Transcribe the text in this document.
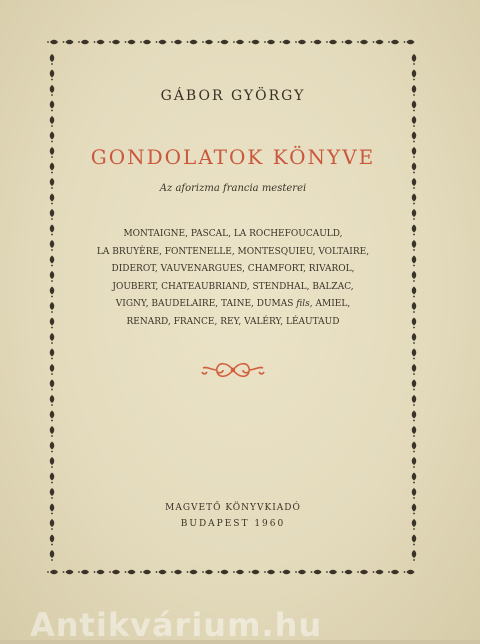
GÁBOR GYÖRGY
GONDOLATOK KÖNYVE
Az aforizma francia mesterei
MONTAIGNE, PASCAL, LA ROCHEFOUCAULD,
LA BRUYÈRE, FONTENELLE, MONTESQUIEU, VOLTAIRE,
DIDEROT, VAUVENARGUES, CHAMFORT, RIVAROL,
JOUBERT, CHATEAUBRIAND, STENDHAL, BALZAC,
VIGNY, BAUDELAIRE, TAINE, DUMAS fils, AMIEL,
RENARD, FRANCE, REY, VALÉRY, LÉAUTAUD
MAGVETŐ KÖNYVKIADÓ
BUDAPEST 1960
Antikvárium.hu
